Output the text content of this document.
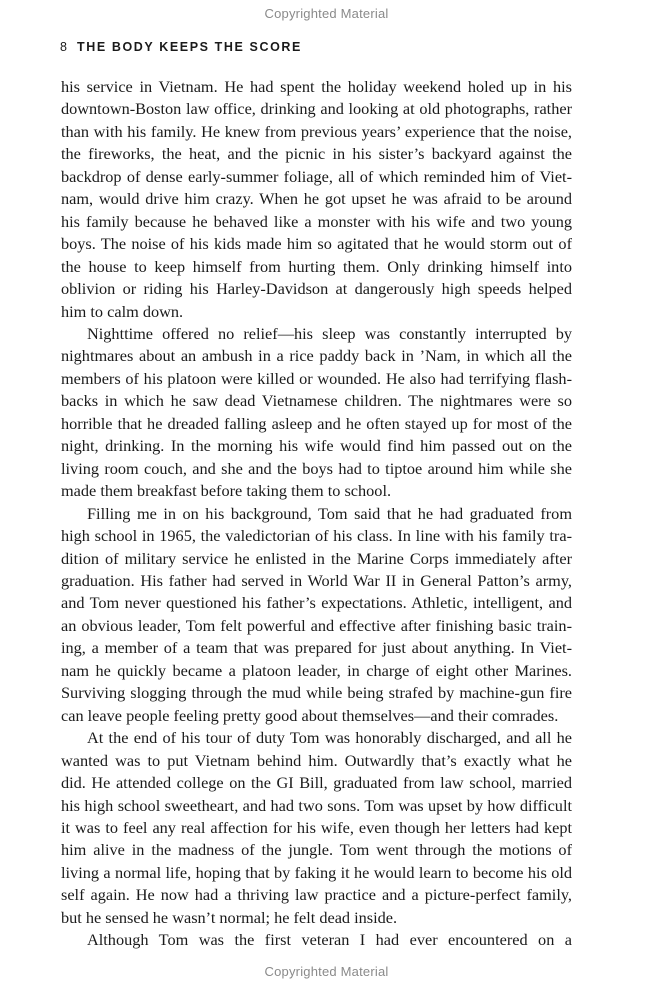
Copyrighted Material
8 THE BODY KEEPS THE SCORE
his service in Vietnam. He had spent the holiday weekend holed up in his
downtown-Boston law office, drinking and looking at old photographs, rather
than with his family. He knew from previous years’ experience that the noise,
the fireworks, the heat, and the picnic in his sister’s backyard against the
backdrop of dense early-summer foliage, all of which reminded him of Viet-
nam, would drive him crazy. When he got upset he was afraid to be around
his family because he behaved like a monster with his wife and two young
boys. The noise of his kids made him so agitated that he would storm out of
the house to keep himself from hurting them. Only drinking himself into
oblivion or riding his Harley-Davidson at dangerously high speeds helped
him to calm down.
Nighttime offered no relief—his sleep was constantly interrupted by
nightmares about an ambush in a rice paddy back in ’Nam, in which all the
members of his platoon were killed or wounded. He also had terrifying flash-
backs in which he saw dead Vietnamese children. The nightmares were so
horrible that he dreaded falling asleep and he often stayed up for most of the
night, drinking. In the morning his wife would find him passed out on the
living room couch, and she and the boys had to tiptoe around him while she
made them breakfast before taking them to school.
Filling me in on his background, Tom said that he had graduated from
high school in 1965, the valedictorian of his class. In line with his family tra-
dition of military service he enlisted in the Marine Corps immediately after
graduation. His father had served in World War II in General Patton’s army,
and Tom never questioned his father’s expectations. Athletic, intelligent, and
an obvious leader, Tom felt powerful and effective after finishing basic train-
ing, a member of a team that was prepared for just about anything. In Viet-
nam he quickly became a platoon leader, in charge of eight other Marines.
Surviving slogging through the mud while being strafed by machine-gun fire
can leave people feeling pretty good about themselves—and their comrades.
At the end of his tour of duty Tom was honorably discharged, and all he
wanted was to put Vietnam behind him. Outwardly that’s exactly what he
did. He attended college on the GI Bill, graduated from law school, married
his high school sweetheart, and had two sons. Tom was upset by how difficult
it was to feel any real affection for his wife, even though her letters had kept
him alive in the madness of the jungle. Tom went through the motions of
living a normal life, hoping that by faking it he would learn to become his old
self again. He now had a thriving law practice and a picture-perfect family,
but he sensed he wasn’t normal; he felt dead inside.
Although Tom was the first veteran I had ever encountered on a
Copyrighted Material
